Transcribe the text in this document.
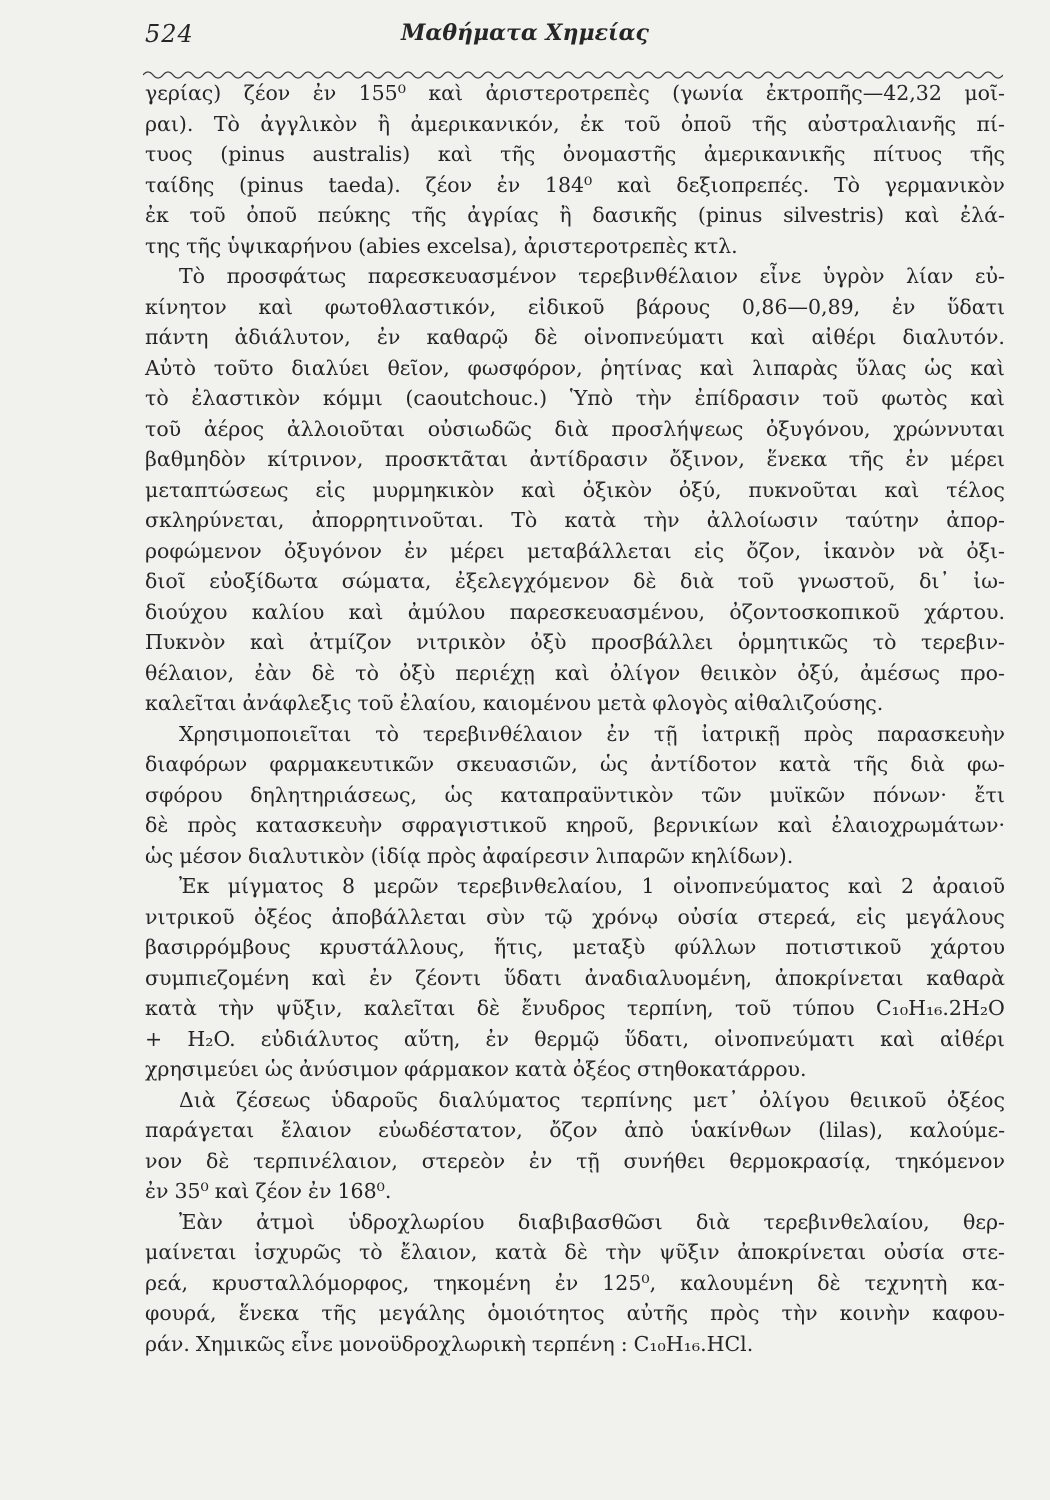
524	Μαθήματα Χημείας
γερίας) ζέον ἐν 155⁰ καὶ ἀριστεροτρεπὲς (γωνία ἐκτροπῆς—42,32 μοῖ-
ραι). Τὸ ἀγγλικὸν ἢ ἀμερικανικόν, ἐκ τοῦ ὀποῦ τῆς αὐστραλιανῆς πί-
τυος (pinus australis) καὶ τῆς ὀνομαστῆς ἀμερικανικῆς πίτυος τῆς
ταίδης (pinus taeda). ζέον ἐν 184⁰ καὶ δεξιοπρεπές. Τὸ γερμανικὸν
ἐκ τοῦ ὀποῦ πεύκης τῆς ἀγρίας ἢ δασικῆς (pinus silvestris) καὶ ἐλά-
της τῆς ὑψικαρήνου (abies excelsa), ἀριστεροτρεπὲς κτλ.
Τὸ προσφάτως παρεσκευασμένον τερεβινθέλαιον εἶνε ὑγρὸν λίαν εὐ-
κίνητον καὶ φωτοθλαστικόν, εἰδικοῦ βάρους 0,86—0,89, ἐν ὕδατι
πάντη ἀδιάλυτον, ἐν καθαρῷ δὲ οἰνοπνεύματι καὶ αἰθέρι διαλυτόν.
Αὐτὸ τοῦτο διαλύει θεῖον, φωσφόρον, ῥητίνας καὶ λιπαρὰς ὕλας ὡς καὶ
τὸ ἐλαστικὸν κόμμι (caoutchouc.) Ὑπὸ τὴν ἐπίδρασιν τοῦ φωτὸς καὶ
τοῦ ἀέρος ἀλλοιοῦται οὐσιωδῶς διὰ προσλήψεως ὀξυγόνου, χρώννυται
βαθμηδὸν κίτρινον, προσκτᾶται ἀντίδρασιν ὄξινον, ἕνεκα τῆς ἐν μέρει
μεταπτώσεως εἰς μυρμηκικὸν καὶ ὀξικὸν ὀξύ, πυκνοῦται καὶ τέλος
σκληρύνεται, ἀπορρητινοῦται. Τὸ κατὰ τὴν ἀλλοίωσιν ταύτην ἀπορ-
ροφώμενον ὀξυγόνον ἐν μέρει μεταβάλλεται εἰς ὄζον, ἱκανὸν νὰ ὀξι-
διοῖ εὐοξίδωτα σώματα, ἐξελεγχόμενον δὲ διὰ τοῦ γνωστοῦ, δι᾽ ἰω-
διούχου καλίου καὶ ἀμύλου παρεσκευασμένου, ὀζοντοσκοπικοῦ χάρτου.
Πυκνὸν καὶ ἀτμίζον νιτρικὸν ὀξὺ προσβάλλει ὁρμητικῶς τὸ τερεβιν-
θέλαιον, ἐὰν δὲ τὸ ὀξὺ περιέχῃ καὶ ὀλίγον θειικὸν ὀξύ, ἀμέσως προ-
καλεῖται ἀνάφλεξις τοῦ ἐλαίου, καιομένου μετὰ φλογὸς αἰθαλιζούσης.
Χρησιμοποιεῖται τὸ τερεβινθέλαιον ἐν τῇ ἰατρικῇ πρὸς παρασκευὴν
διαφόρων φαρμακευτικῶν σκευασιῶν, ὡς ἀντίδοτον κατὰ τῆς διὰ φω-
σφόρου δηλητηριάσεως, ὡς καταπραϋντικὸν τῶν μυϊκῶν πόνων· ἔτι
δὲ πρὸς κατασκευὴν σφραγιστικοῦ κηροῦ, βερνικίων καὶ ἐλαιοχρωμάτων·
ὡς μέσον διαλυτικὸν (ἰδίᾳ πρὸς ἀφαίρεσιν λιπαρῶν κηλίδων).
Ἐκ μίγματος 8 μερῶν τερεβινθελαίου, 1 οἰνοπνεύματος καὶ 2 ἀραιοῦ
νιτρικοῦ ὀξέος ἀποβάλλεται σὺν τῷ χρόνῳ οὐσία στερεά, εἰς μεγάλους
βασιρρόμβους κρυστάλλους, ἥτις, μεταξὺ φύλλων ποτιστικοῦ χάρτου
συμπιεζομένη καὶ ἐν ζέοντι ὕδατι ἀναδιαλυομένη, ἀποκρίνεται καθαρὰ
κατὰ τὴν ψῦξιν, καλεῖται δὲ ἔνυδρος τερπίνη, τοῦ τύπου C₁₀H₁₆.2H₂O
+ H₂O. εὐδιάλυτος αὕτη, ἐν θερμῷ ὕδατι, οἰνοπνεύματι καὶ αἰθέρι
χρησιμεύει ὡς ἀνύσιμον φάρμακον κατὰ ὀξέος στηθοκατάρρου.
Διὰ ζέσεως ὑδαροῦς διαλύματος τερπίνης μετ᾽ ὀλίγου θειικοῦ ὀξέος
παράγεται ἔλαιον εὐωδέστατον, ὄζον ἀπὸ ὑακίνθων (lilas), καλούμε-
νον δὲ τερπινέλαιον, στερεὸν ἐν τῇ συνήθει θερμοκρασίᾳ, τηκόμενον
ἐν 35⁰ καὶ ζέον ἐν 168⁰.
Ἐὰν ἀτμοὶ ὑδροχλωρίου διαβιβασθῶσι διὰ τερεβινθελαίου, θερ-
μαίνεται ἰσχυρῶς τὸ ἔλαιον, κατὰ δὲ τὴν ψῦξιν ἀποκρίνεται οὐσία στε-
ρεά, κρυσταλλόμορφος, τηκομένη ἐν 125⁰, καλουμένη δὲ τεχνητὴ κα-
φουρά, ἕνεκα τῆς μεγάλης ὁμοιότητος αὐτῆς πρὸς τὴν κοινὴν καφου-
ράν. Χημικῶς εἶνε μονοϋδροχλωρικὴ τερπένη : C₁₀H₁₆.HCl.
